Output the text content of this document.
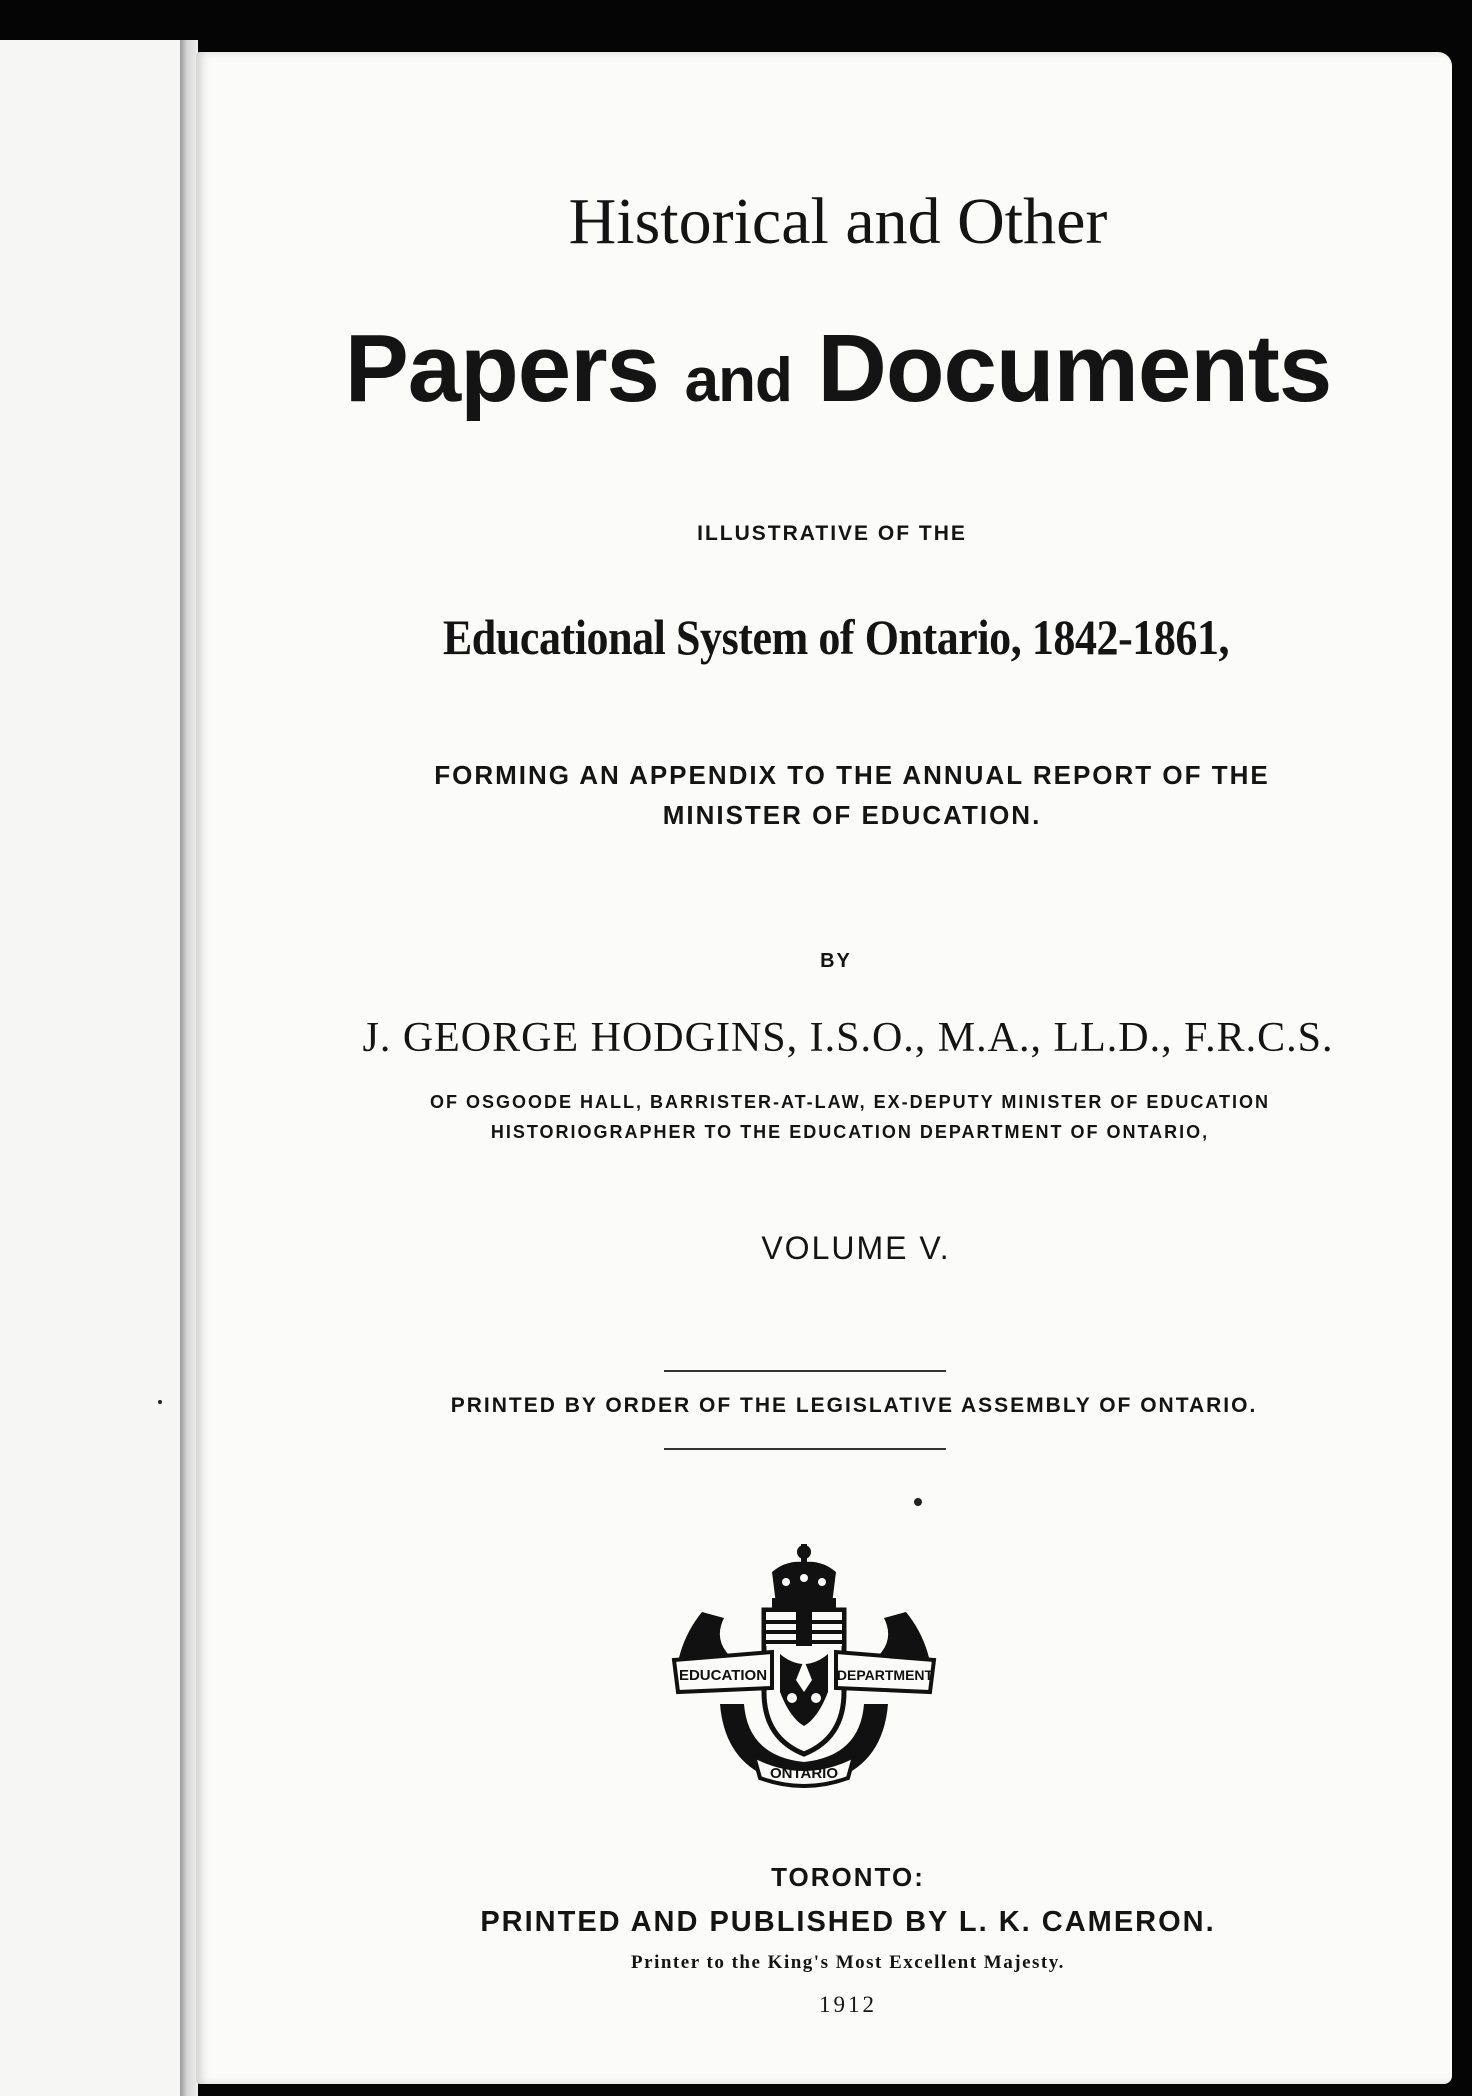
Historical and Other
Papers and Documents
ILLUSTRATIVE OF THE
Educational System of Ontario, 1842-1861,
FORMING AN APPENDIX TO THE ANNUAL REPORT OF THE
MINISTER OF EDUCATION.
BY
J. GEORGE HODGINS, I.S.O., M.A., LL.D., F.R.C.S.
OF OSGOODE HALL, BARRISTER-AT-LAW, EX-DEPUTY MINISTER OF EDUCATION
HISTORIOGRAPHER TO THE EDUCATION DEPARTMENT OF ONTARIO,
VOLUME V.
PRINTED BY ORDER OF THE LEGISLATIVE ASSEMBLY OF ONTARIO.
EDUCATION	DEPARTMENT
ONTARIO
TORONTO:
PRINTED AND PUBLISHED BY L. K. CAMERON.
Printer to the King's Most Excellent Majesty.
1912
